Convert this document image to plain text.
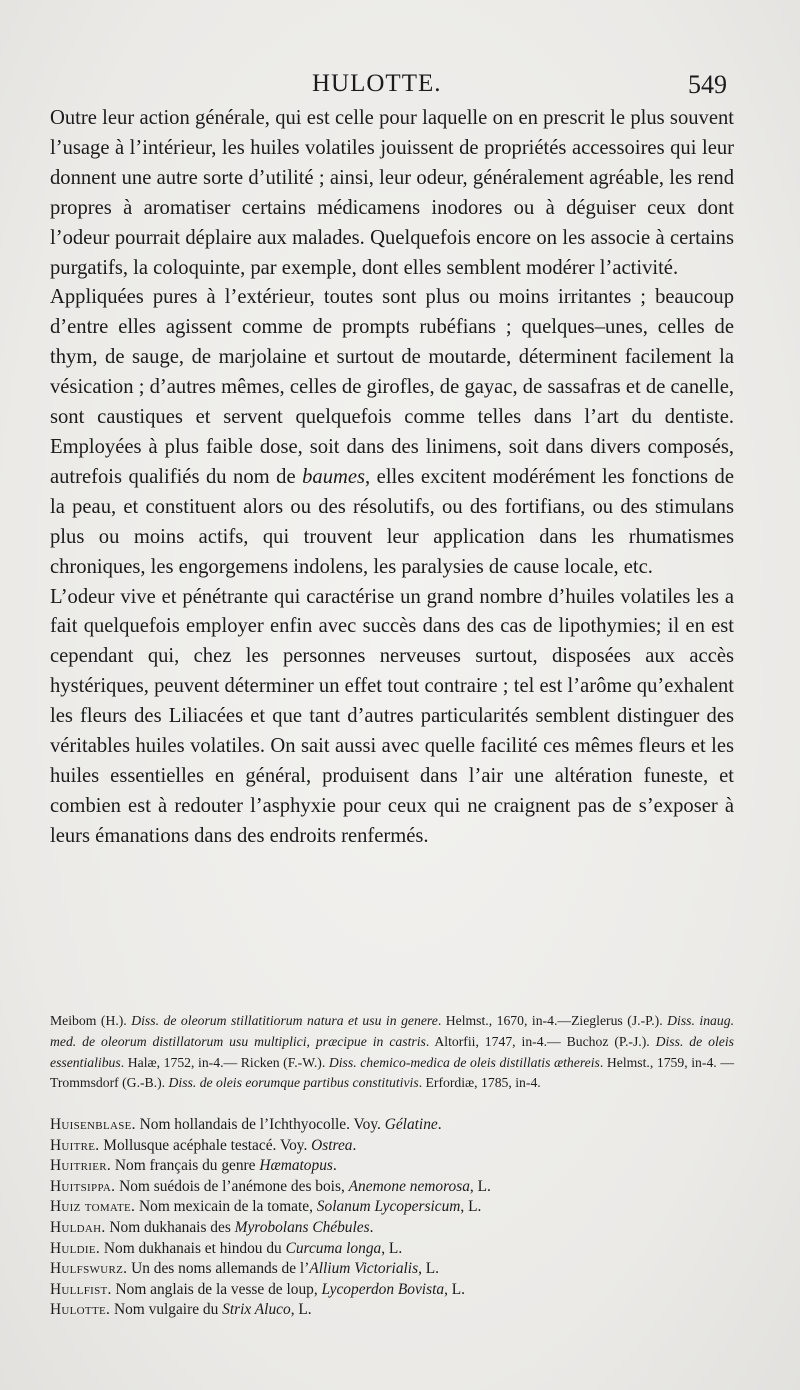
HULOTTE.	549

Outre leur action générale, qui est celle pour laquelle on en prescrit le plus souvent l’usage à l’intérieur, les huiles volatiles jouissent de propriétés accessoires qui leur donnent une autre sorte d’utilité ; ainsi, leur odeur, généralement agréable, les rend propres à aromatiser certains médicamens inodores ou à déguiser ceux dont l’odeur pourrait déplaire aux malades. Quelquefois encore on les associe à certains purgatifs, la coloquinte, par exemple, dont elles semblent modérer l’activité.

Appliquées pures à l’extérieur, toutes sont plus ou moins irritantes ; beaucoup d’entre elles agissent comme de prompts rubéfians ; quelques–unes, celles de thym, de sauge, de marjolaine et surtout de moutarde, déterminent facilement la vésication ; d’autres mêmes, celles de girofles, de gayac, de sassafras et de canelle, sont caustiques et servent quelquefois comme telles dans l’art du dentiste. Employées à plus faible dose, soit dans des linimens, soit dans divers composés, autrefois qualifiés du nom de baumes, elles excitent modérément les fonctions de la peau, et constituent alors ou des résolutifs, ou des fortifians, ou des stimulans plus ou moins actifs, qui trouvent leur application dans les rhumatismes chroniques, les engorgemens indolens, les paralysies de cause locale, etc.

L’odeur vive et pénétrante qui caractérise un grand nombre d’huiles volatiles les a fait quelquefois employer enfin avec succès dans des cas de lipothymies; il en est cependant qui, chez les personnes nerveuses surtout, disposées aux accès hystériques, peuvent déterminer un effet tout contraire ; tel est l’arôme qu’exhalent les fleurs des Liliacées et que tant d’autres particularités semblent distinguer des véritables huiles volatiles. On sait aussi avec quelle facilité ces mêmes fleurs et les huiles essentielles en général, produisent dans l’air une altération funeste, et combien est à redouter l’asphyxie pour ceux qui ne craignent pas de s’exposer à leurs émanations dans des endroits renfermés.

Meibom (H.). Diss. de oleorum stillatitiorum natura et usu in genere. Helmst., 1670, in-4.—Zieglerus (J.-P.). Diss. inaug. med. de oleorum distillatorum usu multiplici, præcipue in castris. Altorfii, 1747, in-4.— Buchoz (P.-J.). Diss. de oleis essentialibus. Halæ, 1752, in-4.— Ricken (F.-W.). Diss. chemico-medica de oleis distillatis æthereis. Helmst., 1759, in-4. — Trommsdorf (G.-B.). Diss. de oleis eorumque partibus constitutivis. Erfordiæ, 1785, in-4.

Huisenblase. Nom hollandais de l’Ichthyocolle. Voy. Gélatine.

Huitre. Mollusque acéphale testacé. Voy. Ostrea.

Huitrier. Nom français du genre Hæmatopus.

Huitsippa. Nom suédois de l’anémone des bois, Anemone nemorosa, L.

Huiz tomate. Nom mexicain de la tomate, Solanum Lycopersicum, L.

Huldah. Nom dukhanais des Myrobolans Chébules.

Huldie. Nom dukhanais et hindou du Curcuma longa, L.

Hulfswurz. Un des noms allemands de l’Allium Victorialis, L.

Hullfist. Nom anglais de la vesse de loup, Lycoperdon Bovista, L.

Hulotte. Nom vulgaire du Strix Aluco, L.
